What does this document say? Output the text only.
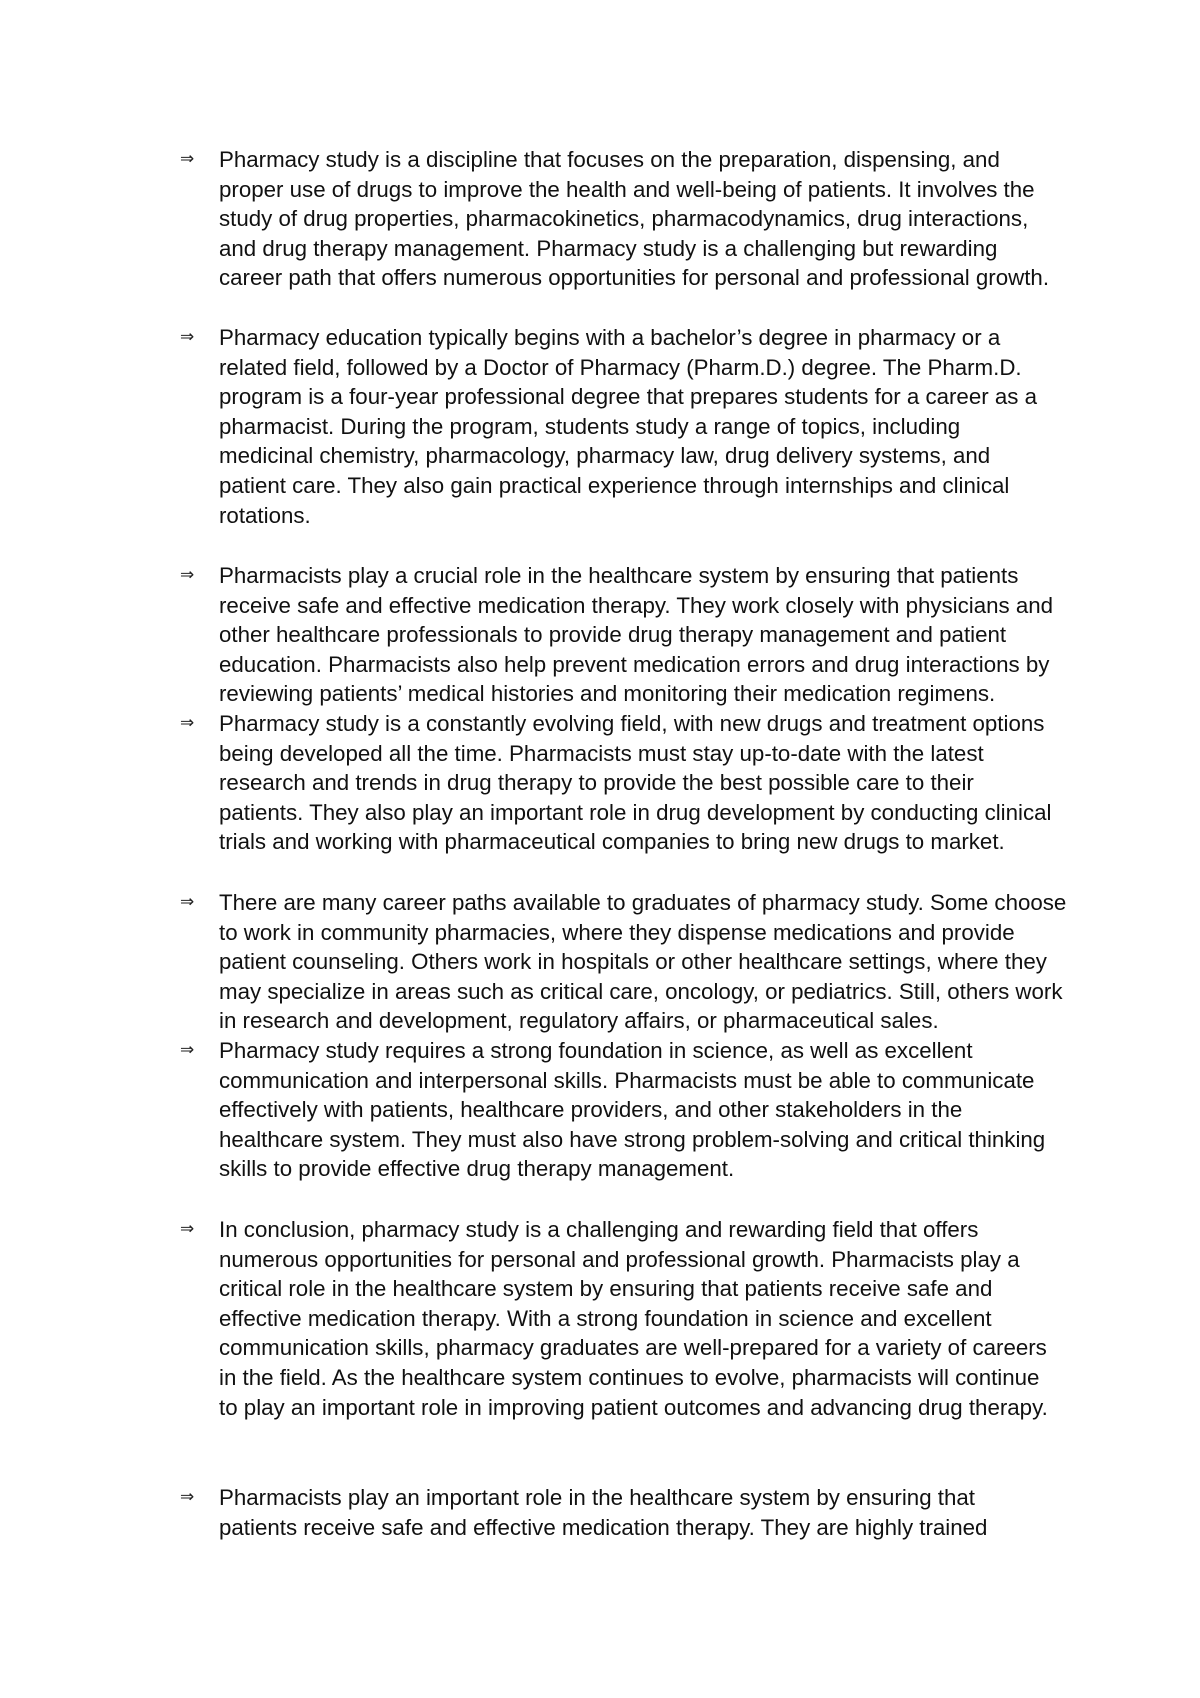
⇒	Pharmacy study is a discipline that focuses on the preparation, dispensing, and
proper use of drugs to improve the health and well-being of patients. It involves the
study of drug properties, pharmacokinetics, pharmacodynamics, drug interactions,
and drug therapy management. Pharmacy study is a challenging but rewarding
career path that offers numerous opportunities for personal and professional growth.
⇒	Pharmacy education typically begins with a bachelor’s degree in pharmacy or a
related field, followed by a Doctor of Pharmacy (Pharm.D.) degree. The Pharm.D.
program is a four-year professional degree that prepares students for a career as a
pharmacist. During the program, students study a range of topics, including
medicinal chemistry, pharmacology, pharmacy law, drug delivery systems, and
patient care. They also gain practical experience through internships and clinical
rotations.
⇒	Pharmacists play a crucial role in the healthcare system by ensuring that patients
receive safe and effective medication therapy. They work closely with physicians and
other healthcare professionals to provide drug therapy management and patient
education. Pharmacists also help prevent medication errors and drug interactions by
reviewing patients’ medical histories and monitoring their medication regimens.
⇒	Pharmacy study is a constantly evolving field, with new drugs and treatment options
being developed all the time. Pharmacists must stay up-to-date with the latest
research and trends in drug therapy to provide the best possible care to their
patients. They also play an important role in drug development by conducting clinical
trials and working with pharmaceutical companies to bring new drugs to market.
⇒	There are many career paths available to graduates of pharmacy study. Some choose
to work in community pharmacies, where they dispense medications and provide
patient counseling. Others work in hospitals or other healthcare settings, where they
may specialize in areas such as critical care, oncology, or pediatrics. Still, others work
in research and development, regulatory affairs, or pharmaceutical sales.
⇒	Pharmacy study requires a strong foundation in science, as well as excellent
communication and interpersonal skills. Pharmacists must be able to communicate
effectively with patients, healthcare providers, and other stakeholders in the
healthcare system. They must also have strong problem-solving and critical thinking
skills to provide effective drug therapy management.
⇒	In conclusion, pharmacy study is a challenging and rewarding field that offers
numerous opportunities for personal and professional growth. Pharmacists play a
critical role in the healthcare system by ensuring that patients receive safe and
effective medication therapy. With a strong foundation in science and excellent
communication skills, pharmacy graduates are well-prepared for a variety of careers
in the field. As the healthcare system continues to evolve, pharmacists will continue
to play an important role in improving patient outcomes and advancing drug therapy.
⇒	Pharmacists play an important role in the healthcare system by ensuring that
patients receive safe and effective medication therapy. They are highly trained
